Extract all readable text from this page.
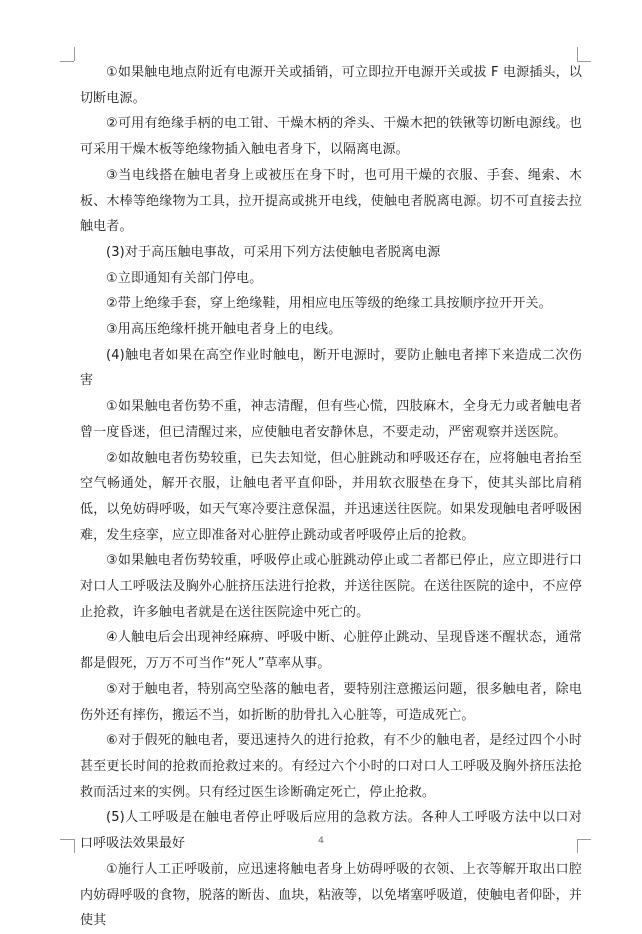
①如果触电地点附近有电源开关或插销，可立即拉开电源开关或拔 F 电源插头，以切断电源。

②可用有绝缘手柄的电工钳、干燥木柄的斧头、干燥木把的铁锹等切断电源线。也可采用干燥木板等绝缘物插入触电者身下，以隔离电源。

③当电线搭在触电者身上或被压在身下时，也可用干燥的衣服、手套、绳索、木板、木棒等绝缘物为工具，拉开提高或挑开电线，使触电者脱离电源。切不可直接去拉触电者。

(3)对于高压触电事故，可采用下列方法使触电者脱离电源

①立即通知有关部门停电。

②带上绝缘手套，穿上绝缘鞋，用相应电压等级的绝缘工具按顺序拉开开关。

③用高压绝缘杆挑开触电者身上的电线。

(4)触电者如果在高空作业时触电，断开电源时，要防止触电者摔下来造成二次伤害

①如果触电者伤势不重，神志清醒，但有些心慌，四肢麻木，全身无力或者触电者曾一度昏迷，但已清醒过来，应使触电者安静休息，不要走动，严密观察并送医院。

②如故触电者伤势较重，已失去知觉，但心脏跳动和呼吸还存在，应将触电者抬至空气畅通处，解开衣服，让触电者平直仰卧，并用软衣服垫在身下，使其头部比肩稍低，以免妨碍呼吸，如天气寒冷要注意保温，并迅速送往医院。如果发现触电者呼吸困难，发生痉挛，应立即准备对心脏停止跳动或者呼吸停止后的抢救。

③如果触电者伤势较重，呼吸停止或心脏跳动停止或二者都已停止，应立即进行口对口人工呼吸法及胸外心脏挤压法进行抢救，并送往医院。在送往医院的途中，不应停止抢救，许多触电者就是在送往医院途中死亡的。

④人触电后会出现神经麻痹、呼吸中断、心脏停止跳动、呈现昏迷不醒状态，通常都是假死，万万不可当作“死人”草率从事。

⑤对于触电者，特别高空坠落的触电者，要特别注意搬运问题，很多触电者，除电伤外还有摔伤，搬运不当，如折断的肋骨扎入心脏等，可造成死亡。

⑥对于假死的触电者，要迅速持久的进行抢救，有不少的触电者，是经过四个小时甚至更长时间的抢救而抢救过来的。有经过六个小时的口对口人工呼吸及胸外挤压法抢救而活过来的实例。只有经过医生诊断确定死亡，停止抢救。

(5)人工呼吸是在触电者停止呼吸后应用的急救方法。各种人工呼吸方法中以口对口呼吸法效果最好

①施行人工正呼吸前，应迅速将触电者身上妨碍呼吸的衣领、上衣等解开取出口腔内妨碍呼吸的食物，脱落的断齿、血块，粘液等，以免堵塞呼吸道，使触电者仰卧，并使其

4
